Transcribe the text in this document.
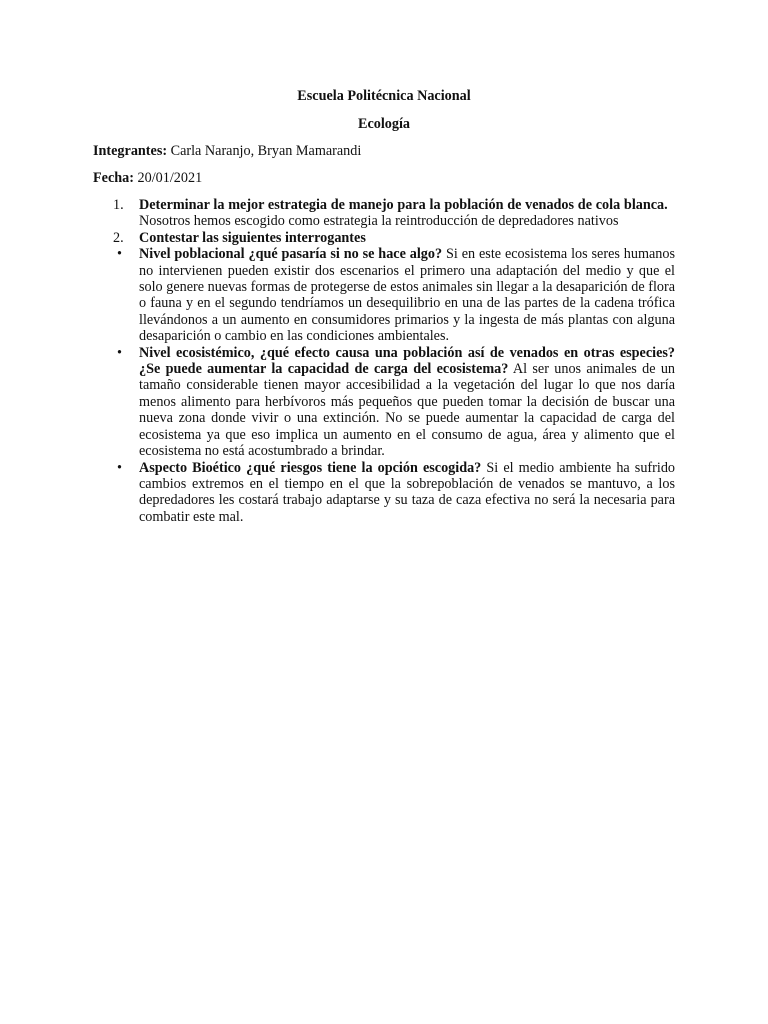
Escuela Politécnica Nacional
Ecología
Integrantes: Carla Naranjo, Bryan Mamarandi
Fecha: 20/01/2021
1. Determinar la mejor estrategia de manejo para la población de venados de cola blanca.   Nosotros hemos escogido como estrategia la reintroducción de depredadores nativos
2. Contestar las siguientes interrogantes
• Nivel poblacional ¿qué pasaría si no se hace algo? Si en este ecosistema los seres humanos no intervienen pueden existir dos escenarios el primero una adaptación del medio y que el solo genere nuevas formas de protegerse de estos animales sin llegar a la desaparición de flora o fauna y en el segundo tendríamos un desequilibrio en una de las partes de la cadena trófica llevándonos a un aumento en consumidores primarios y la ingesta de más plantas con alguna desaparición o cambio en las condiciones ambientales.
• Nivel ecosistémico, ¿qué efecto causa una población así de venados en otras especies? ¿Se puede aumentar la capacidad de carga del ecosistema? Al ser unos animales de un tamaño considerable tienen mayor accesibilidad a la vegetación del lugar lo que nos daría menos alimento para herbívoros más pequeños que pueden tomar la decisión de buscar una nueva zona donde vivir o una extinción. No se puede aumentar la capacidad de carga del ecosistema ya que eso implica un aumento en el consumo de agua, área y alimento que el ecosistema no está acostumbrado a brindar.
• Aspecto Bioético ¿qué riesgos tiene la opción escogida? Si el medio ambiente ha sufrido cambios extremos en el tiempo en el que la sobrepoblación de venados se mantuvo, a los depredadores les costará trabajo adaptarse y su taza de caza efectiva no será la necesaria para combatir este mal.
